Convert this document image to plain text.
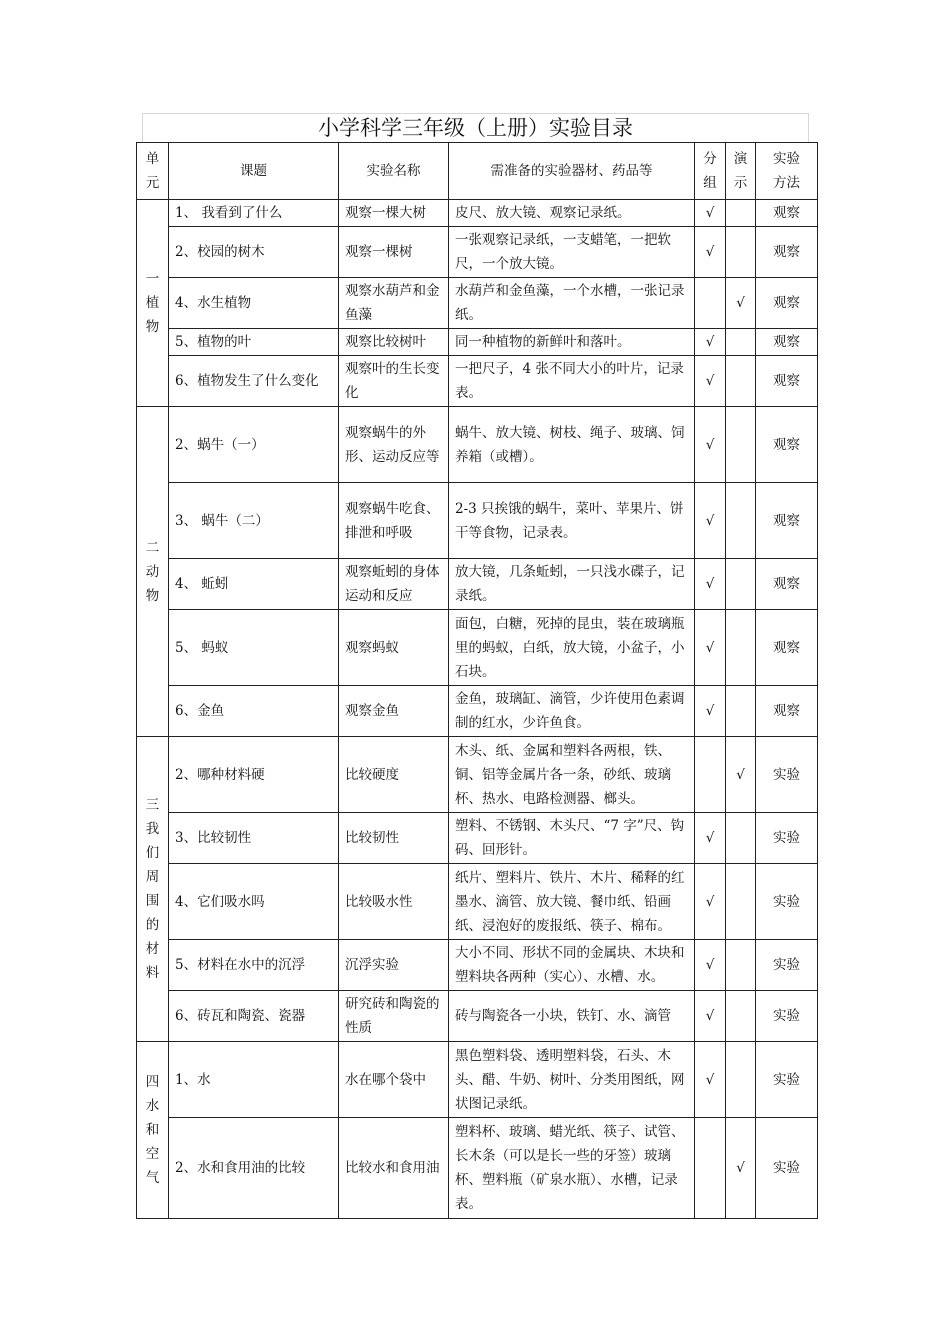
小学科学三年级（上册）实验目录
单元	课题	实验名称	需准备的实验器材、药品等	分组	演示	实验方法
一植物	1、 我看到了什么	观察一棵大树	皮尺、放大镜、观察记录纸。	√		观察
	2、校园的树木	观察一棵树	一张观察记录纸，一支蜡笔，一把软尺，一个放大镜。	√		观察
	4、水生植物	观察水葫芦和金鱼藻	水葫芦和金鱼藻，一个水槽，一张记录纸。		√	观察
	5、植物的叶	观察比较树叶	同一种植物的新鲜叶和落叶。	√		观察
	6、植物发生了什么变化	观察叶的生长变化	一把尺子，4 张不同大小的叶片，记录表。	√		观察
二动物	2、蜗牛（一）	观察蜗牛的外形、运动反应等	蜗牛、放大镜、树枝、绳子、玻璃、饲养箱（或槽）。	√		观察
	3、 蜗牛（二）	观察蜗牛吃食、排泄和呼吸	2-3 只挨饿的蜗牛，菜叶、苹果片、饼干等食物，记录表。	√		观察
	4、 蚯蚓	观察蚯蚓的身体运动和反应	放大镜，几条蚯蚓，一只浅水碟子，记录纸。	√		观察
	5、 蚂蚁	观察蚂蚁	面包，白糖，死掉的昆虫，装在玻璃瓶里的蚂蚁，白纸，放大镜，小盆子，小石块。	√		观察
	6、金鱼	观察金鱼	金鱼，玻璃缸、滴管，少许使用色素调制的红水，少许鱼食。	√		观察
三我们周围的材料	2、哪种材料硬	比较硬度	木头、纸、金属和塑料各两根，铁、铜、铝等金属片各一条，砂纸、玻璃杯、热水、电路检测器、榔头。		√	实验
	3、比较韧性	比较韧性	塑料、不锈钢、木头尺、“7 字”尺、钩码、回形针。	√		实验
	4、它们吸水吗	比较吸水性	纸片、塑料片、铁片、木片、稀释的红墨水、滴管、放大镜、餐巾纸、铅画纸、浸泡好的废报纸、筷子、棉布。	√		实验
	5、材料在水中的沉浮	沉浮实验	大小不同、形状不同的金属块、木块和塑料块各两种（实心）、水槽、水。	√		实验
	6、砖瓦和陶瓷、瓷器	研究砖和陶瓷的性质	砖与陶瓷各一小块，铁钉、水、滴管	√		实验
四水和空气	1、水	水在哪个袋中	黑色塑料袋、透明塑料袋，石头、木头、醋、牛奶、树叶、分类用图纸，网状图记录纸。	√		实验
	2、水和食用油的比较	比较水和食用油	塑料杯、玻璃、蜡光纸、筷子、试管、长木条（可以是长一些的牙签）玻璃杯、塑料瓶（矿泉水瓶）、水槽，记录表。		√	实验
